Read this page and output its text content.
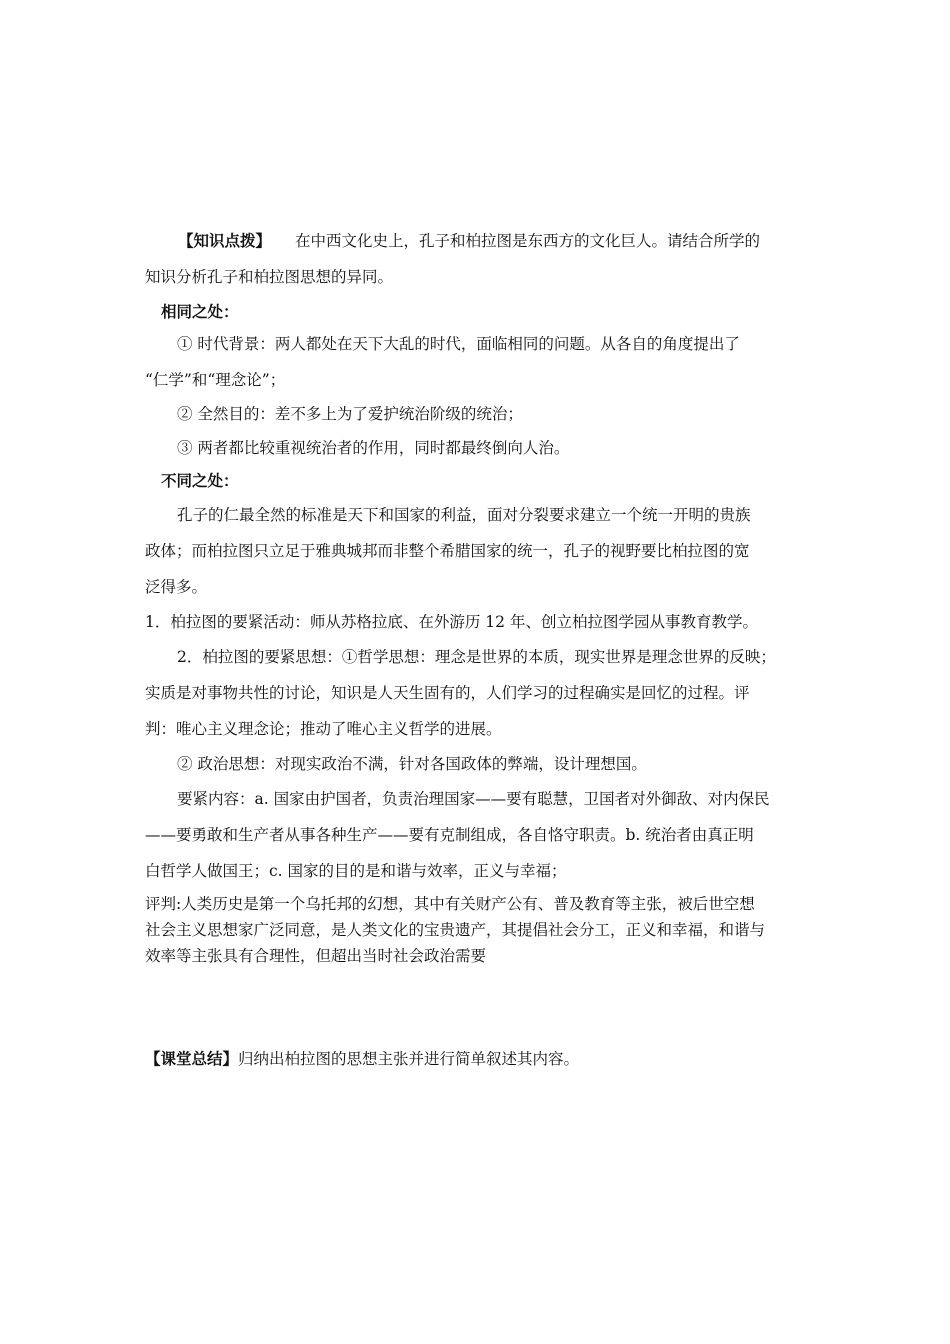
【知识点拨】 在中西文化史上，孔子和柏拉图是东西方的文化巨人。请结合所学的
知识分析孔子和柏拉图思想的异同。
相同之处：
① 时代背景：两人都处在天下大乱的时代，面临相同的问题。从各自的角度提出了
“仁学”和“理念论”；
② 全然目的：差不多上为了爱护统治阶级的统治；
③ 两者都比较重视统治者的作用，同时都最终倒向人治。
不同之处：
孔子的仁最全然的标准是天下和国家的利益，面对分裂要求建立一个统一开明的贵族
政体；而柏拉图只立足于雅典城邦而非整个希腊国家的统一，孔子的视野要比柏拉图的宽
泛得多。
1．柏拉图的要紧活动：师从苏格拉底、在外游历 12 年、创立柏拉图学园从事教育教学。
2．柏拉图的要紧思想：①哲学思想：理念是世界的本质，现实世界是理念世界的反映；
实质是对事物共性的讨论，知识是人天生固有的，人们学习的过程确实是回忆的过程。评
判：唯心主义理念论；推动了唯心主义哲学的进展。
② 政治思想：对现实政治不满，针对各国政体的弊端，设计理想国。
要紧内容：a. 国家由护国者，负责治理国家——要有聪慧，卫国者对外御敌、对内保民
——要勇敢和生产者从事各种生产——要有克制组成，各自恪守职责。b. 统治者由真正明
白哲学人做国王；c. 国家的目的是和谐与效率，正义与幸福；
评判:人类历史是第一个乌托邦的幻想，其中有关财产公有、普及教育等主张，被后世空想
社会主义思想家广泛同意，是人类文化的宝贵遗产，其提倡社会分工，正义和幸福，和谐与
效率等主张具有合理性，但超出当时社会政治需要
【课堂总结】归纳出柏拉图的思想主张并进行简单叙述其内容。
